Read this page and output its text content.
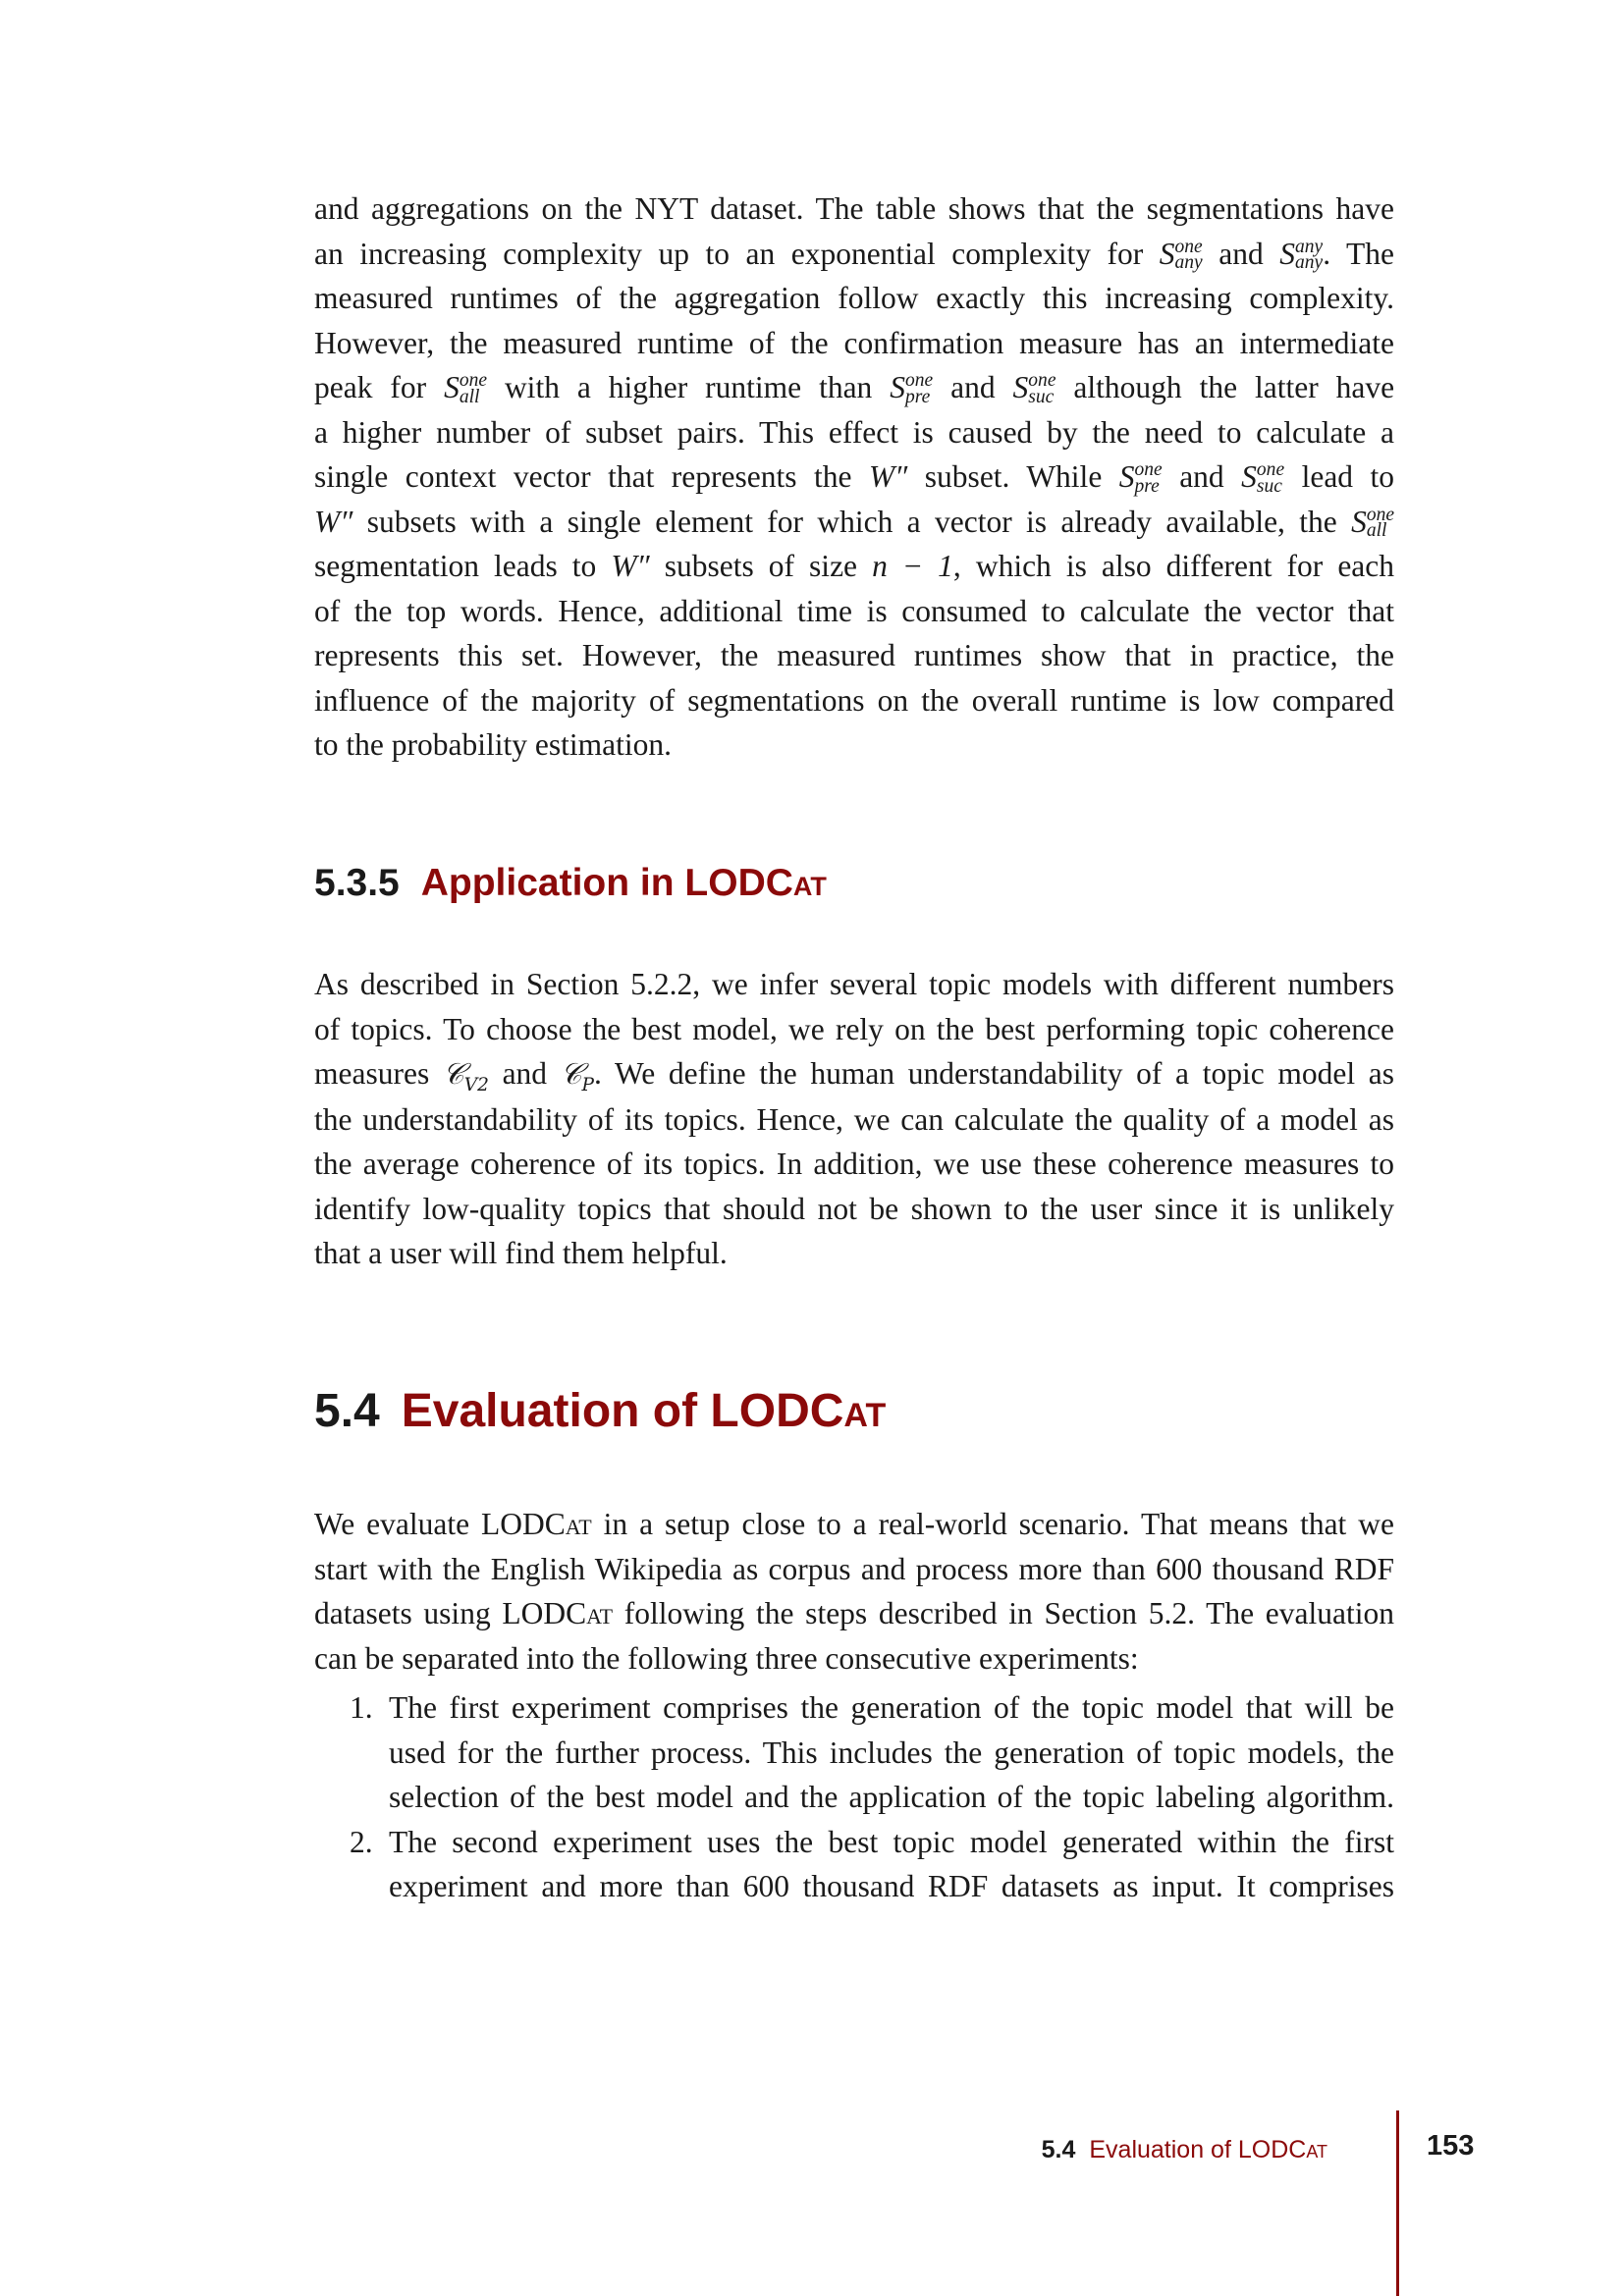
and aggregations on the NYT dataset. The table shows that the segmentations have
an increasing complexity up to an exponential complexity for S one
any and S any
any . The
measured runtimes of the aggregation follow exactly this increasing complexity.
However, the measured runtime of the confirmation measure has an intermediate
peak for S one
all with a higher runtime than S one
pre and S one
suc although the latter have
a higher number of subset pairs. This effect is caused by the need to calculate a
single context vector that represents the W″ subset. While S one
pre and S one
suc lead to
W″ subsets with a single element for which a vector is already available, the S one
all
segmentation leads to W″ subsets of size n − 1, which is also different for each
of the top words. Hence, additional time is consumed to calculate the vector that
represents this set. However, the measured runtimes show that in practice, the
influence of the majority of segmentations on the overall runtime is low compared
to the probability estimation.
5.3.5 Application in LODCat
As described in Section 5.2.2, we infer several topic models with different numbers
of topics. To choose the best model, we rely on the best performing topic coherence
measures 𝒞$_{V2}$ and 𝒞$_P$. We define the human understandability of a topic model as
the understandability of its topics. Hence, we can calculate the quality of a model as
the average coherence of its topics. In addition, we use these coherence measures to
identify low-quality topics that should not be shown to the user since it is unlikely
that a user will find them helpful.
5.4 Evaluation of LODCat
We evaluate LODCat in a setup close to a real-world scenario. That means that we
start with the English Wikipedia as corpus and process more than 600 thousand RDF
datasets using LODCat following the steps described in Section 5.2. The evaluation
can be separated into the following three consecutive experiments:
1. The first experiment comprises the generation of the topic model that will be
used for the further process. This includes the generation of topic models, the
selection of the best model and the application of the topic labeling algorithm.
2. The second experiment uses the best topic model generated within the first
experiment and more than 600 thousand RDF datasets as input. It comprises
5.4 Evaluation of LODCat	153
